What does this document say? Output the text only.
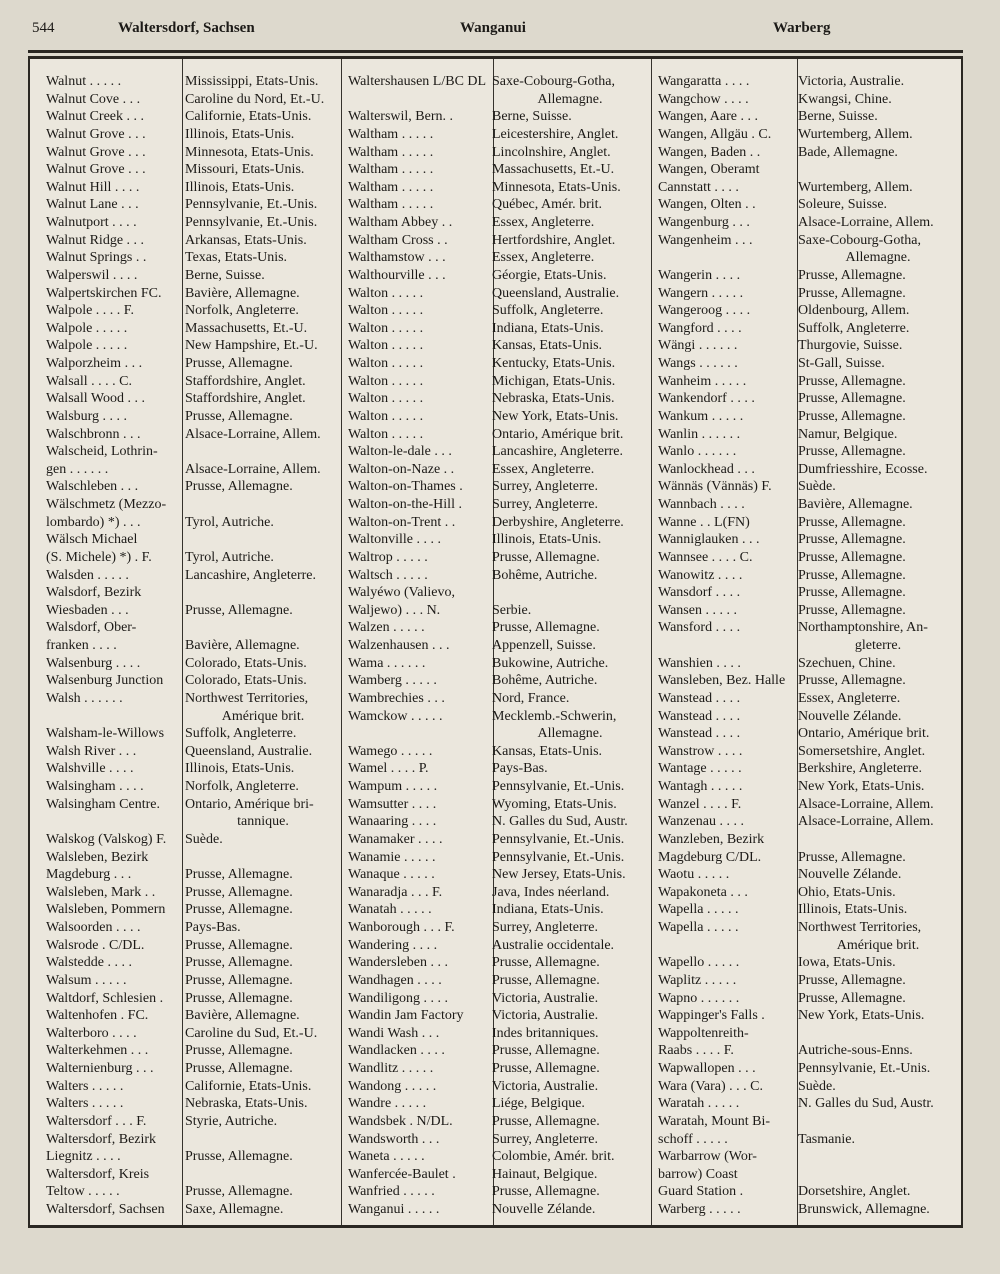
544	Waltersdorf, Sachsen	Wanganui	Warberg
Walnut . . . . .	Mississippi, Etats-Unis.
Walnut Cove . . .	Caroline du Nord, Et.-U.
Walnut Creek . . .	Californie, Etats-Unis.
Walnut Grove . . .	Illinois, Etats-Unis.
Walnut Grove . . .	Minnesota, Etats-Unis.
Walnut Grove . . .	Missouri, Etats-Unis.
Walnut Hill . . . .	Illinois, Etats-Unis.
Walnut Lane . . .	Pennsylvanie, Et.-Unis.
Walnutport . . . .	Pennsylvanie, Et.-Unis.
Walnut Ridge . . .	Arkansas, Etats-Unis.
Walnut Springs . .	Texas, Etats-Unis.
Walperswil . . . .	Berne, Suisse.
Walpertskirchen FC. Bavière, Allemagne.
Walpole . . . . F.	Norfolk, Angleterre.
Walpole . . . . .	Massachusetts, Et.-U.
Walpole . . . . .	New Hampshire, Et.-U.
Walporzheim . . .	Prusse, Allemagne.
Walsall . . . . C.	Staffordshire, Anglet.
Walsall Wood . . .	Staffordshire, Anglet.
Walsburg . . . .	Prusse, Allemagne.
Walschbronn . . .	Alsace-Lorraine, Allem.
Walscheid, Lothrin-
gen . . . . . .	Alsace-Lorraine, Allem.
Walschleben . . .	Prusse, Allemagne.
Wälschmetz (Mezzo-
lombardo) *) . . .	Tyrol, Autriche.
Wälsch Michael
(S. Michele) *) . F. Tyrol, Autriche.
Walsden . . . . .	Lancashire, Angleterre.
Walsdorf, Bezirk
Wiesbaden . . .	Prusse, Allemagne.
Walsdorf, Ober-
franken . . . .	Bavière, Allemagne.
Walsenburg . . . .	Colorado, Etats-Unis.
Walsenburg Junction Colorado, Etats-Unis.
Walsh . . . . . .	Northwest Territories,
Amérique brit.
Walsham-le-Willows Suffolk, Angleterre.
Walsh River . . .	Queensland, Australie.
Walshville . . . .	Illinois, Etats-Unis.
Walsingham . . . .	Norfolk, Angleterre.
Walsingham Centre. Ontario, Amérique bri-
tannique.
Walskog (Valskog) F. Suède.
Walsleben, Bezirk
Magdeburg . . .	Prusse, Allemagne.
Walsleben, Mark . . Prusse, Allemagne.
Walsleben, Pommern Prusse, Allemagne.
Walsoorden . . . .	Pays-Bas.
Walsrode . C/DL.	Prusse, Allemagne.
Walstedde . . . .	Prusse, Allemagne.
Walsum . . . . .	Prusse, Allemagne.
Waltdorf, Schlesien . Prusse, Allemagne.
Waltenhofen . FC.	Bavière, Allemagne.
Walterboro . . . .	Caroline du Sud, Et.-U.
Walterkehmen . . .	Prusse, Allemagne.
Walternienburg . . . Prusse, Allemagne.
Walters . . . . .	Californie, Etats-Unis.
Walters . . . . .	Nebraska, Etats-Unis.
Waltersdorf . . . F.	Styrie, Autriche.
Waltersdorf, Bezirk
Liegnitz . . . .	Prusse, Allemagne.
Waltersdorf, Kreis
Teltow . . . . .	Prusse, Allemagne.
Waltersdorf, Sachsen Saxe, Allemagne.
Waltershausen L/BC DL Saxe-Cobourg-Gotha,
Allemagne.
Walterswil, Bern. .	Berne, Suisse.
Waltham . . . . .	Leicestershire, Anglet.
Waltham . . . . .	Lincolnshire, Anglet.
Waltham . . . . .	Massachusetts, Et.-U.
Waltham . . . . .	Minnesota, Etats-Unis.
Waltham . . . . .	Québec, Amér. brit.
Waltham Abbey . .	Essex, Angleterre.
Waltham Cross . .	Hertfordshire, Anglet.
Walthamstow . . .	Essex, Angleterre.
Walthourville . . .	Géorgie, Etats-Unis.
Walton . . . . .	Queensland, Australie.
Walton . . . . .	Suffolk, Angleterre.
Walton . . . . .	Indiana, Etats-Unis.
Walton . . . . .	Kansas, Etats-Unis.
Walton . . . . .	Kentucky, Etats-Unis.
Walton . . . . .	Michigan, Etats-Unis.
Walton . . . . .	Nebraska, Etats-Unis.
Walton . . . . .	New York, Etats-Unis.
Walton . . . . .	Ontario, Amérique brit.
Walton-le-dale . . .	Lancashire, Angleterre.
Walton-on-Naze . .	Essex, Angleterre.
Walton-on-Thames . Surrey, Angleterre.
Walton-on-the-Hill . Surrey, Angleterre.
Walton-on-Trent . .	Derbyshire, Angleterre.
Waltonville . . . .	Illinois, Etats-Unis.
Waltrop . . . . .	Prusse, Allemagne.
Waltsch . . . . .	Bohême, Autriche.
Walyéwo (Valievo,
Waljewo) . . . N.	Serbie.
Walzen . . . . .	Prusse, Allemagne.
Walzenhausen . . .	Appenzell, Suisse.
Wama . . . . . .	Bukowine, Autriche.
Wamberg . . . . .	Bohême, Autriche.
Wambrechies . . .	Nord, France.
Wamckow . . . . .	Mecklemb.-Schwerin,
Allemagne.
Wamego . . . . .	Kansas, Etats-Unis.
Wamel . . . . P.	Pays-Bas.
Wampum . . . . .	Pennsylvanie, Et.-Unis.
Wamsutter . . . .	Wyoming, Etats-Unis.
Wanaaring . . . .	N. Galles du Sud, Austr.
Wanamaker . . . .	Pennsylvanie, Et.-Unis.
Wanamie . . . . .	Pennsylvanie, Et.-Unis.
Wanaque . . . . .	New Jersey, Etats-Unis.
Wanaradja . . . F.	Java, Indes néerland.
Wanatah . . . . .	Indiana, Etats-Unis.
Wanborough . . . F.	Surrey, Angleterre.
Wandering . . . .	Australie occidentale.
Wandersleben . . .	Prusse, Allemagne.
Wandhagen . . . .	Prusse, Allemagne.
Wandiligong . . . .	Victoria, Australie.
Wandin Jam Factory Victoria, Australie.
Wandi Wash . . .	Indes britanniques.
Wandlacken . . . .	Prusse, Allemagne.
Wandlitz . . . . .	Prusse, Allemagne.
Wandong . . . . .	Victoria, Australie.
Wandre . . . . .	Liége, Belgique.
Wandsbek . N/DL.	Prusse, Allemagne.
Wandsworth . . .	Surrey, Angleterre.
Waneta . . . . .	Colombie, Amér. brit.
Wanfercée-Baulet .	Hainaut, Belgique.
Wanfried . . . . .	Prusse, Allemagne.
Wanganui . . . . .	Nouvelle Zélande.
Wangaratta . . . .	Victoria, Australie.
Wangchow . . . .	Kwangsi, Chine.
Wangen, Aare . . .	Berne, Suisse.
Wangen, Allgäu . C. Wurtemberg, Allem.
Wangen, Baden . .	Bade, Allemagne.
Wangen, Oberamt
Cannstatt . . . .	Wurtemberg, Allem.
Wangen, Olten . .	Soleure, Suisse.
Wangenburg . . .	Alsace-Lorraine, Allem.
Wangenheim . . .	Saxe-Cobourg-Gotha,
Allemagne.
Wangerin . . . .	Prusse, Allemagne.
Wangern . . . . .	Prusse, Allemagne.
Wangeroog . . . .	Oldenbourg, Allem.
Wangford . . . .	Suffolk, Angleterre.
Wängi . . . . . .	Thurgovie, Suisse.
Wangs . . . . . .	St-Gall, Suisse.
Wanheim . . . . .	Prusse, Allemagne.
Wankendorf . . . .	Prusse, Allemagne.
Wankum . . . . .	Prusse, Allemagne.
Wanlin . . . . . .	Namur, Belgique.
Wanlo . . . . . .	Prusse, Allemagne.
Wanlockhead . . .	Dumfriesshire, Ecosse.
Wännäs (Vännäs) F. Suède.
Wannbach . . . .	Bavière, Allemagne.
Wanne . . L(FN)	Prusse, Allemagne.
Wanniglauken . . .	Prusse, Allemagne.
Wannsee . . . . C.	Prusse, Allemagne.
Wanowitz . . . .	Prusse, Allemagne.
Wansdorf . . . .	Prusse, Allemagne.
Wansen . . . . .	Prusse, Allemagne.
Wansford . . . .	Northamptonshire, An-
gleterre.
Wanshien . . . .	Szechuen, Chine.
Wansleben, Bez. Halle Prusse, Allemagne.
Wanstead . . . .	Essex, Angleterre.
Wanstead . . . .	Nouvelle Zélande.
Wanstead . . . .	Ontario, Amérique brit.
Wanstrow . . . .	Somersetshire, Anglet.
Wantage . . . . .	Berkshire, Angleterre.
Wantagh . . . . .	New York, Etats-Unis.
Wanzel . . . . F.	Alsace-Lorraine, Allem.
Wanzenau . . . .	Alsace-Lorraine, Allem.
Wanzleben, Bezirk
Magdeburg C/DL.	Prusse, Allemagne.
Waotu . . . . .	Nouvelle Zélande.
Wapakoneta . . .	Ohio, Etats-Unis.
Wapella . . . . .	Illinois, Etats-Unis.
Wapella . . . . .	Northwest Territories,
Amérique brit.
Wapello . . . . .	Iowa, Etats-Unis.
Waplitz . . . . .	Prusse, Allemagne.
Wapno . . . . . .	Prusse, Allemagne.
Wappinger's Falls . New York, Etats-Unis.
Wappoltenreith-
Raabs . . . . F.	Autriche-sous-Enns.
Wapwallopen . . .	Pennsylvanie, Et.-Unis.
Wara (Vara) . . . C.	Suède.
Waratah . . . . .	N. Galles du Sud, Austr.
Waratah, Mount Bi-
schoff . . . . .	Tasmanie.
Warbarrow (Wor-
barrow) Coast
Guard Station .	Dorsetshire, Anglet.
Warberg . . . . .	Brunswick, Allemagne.
